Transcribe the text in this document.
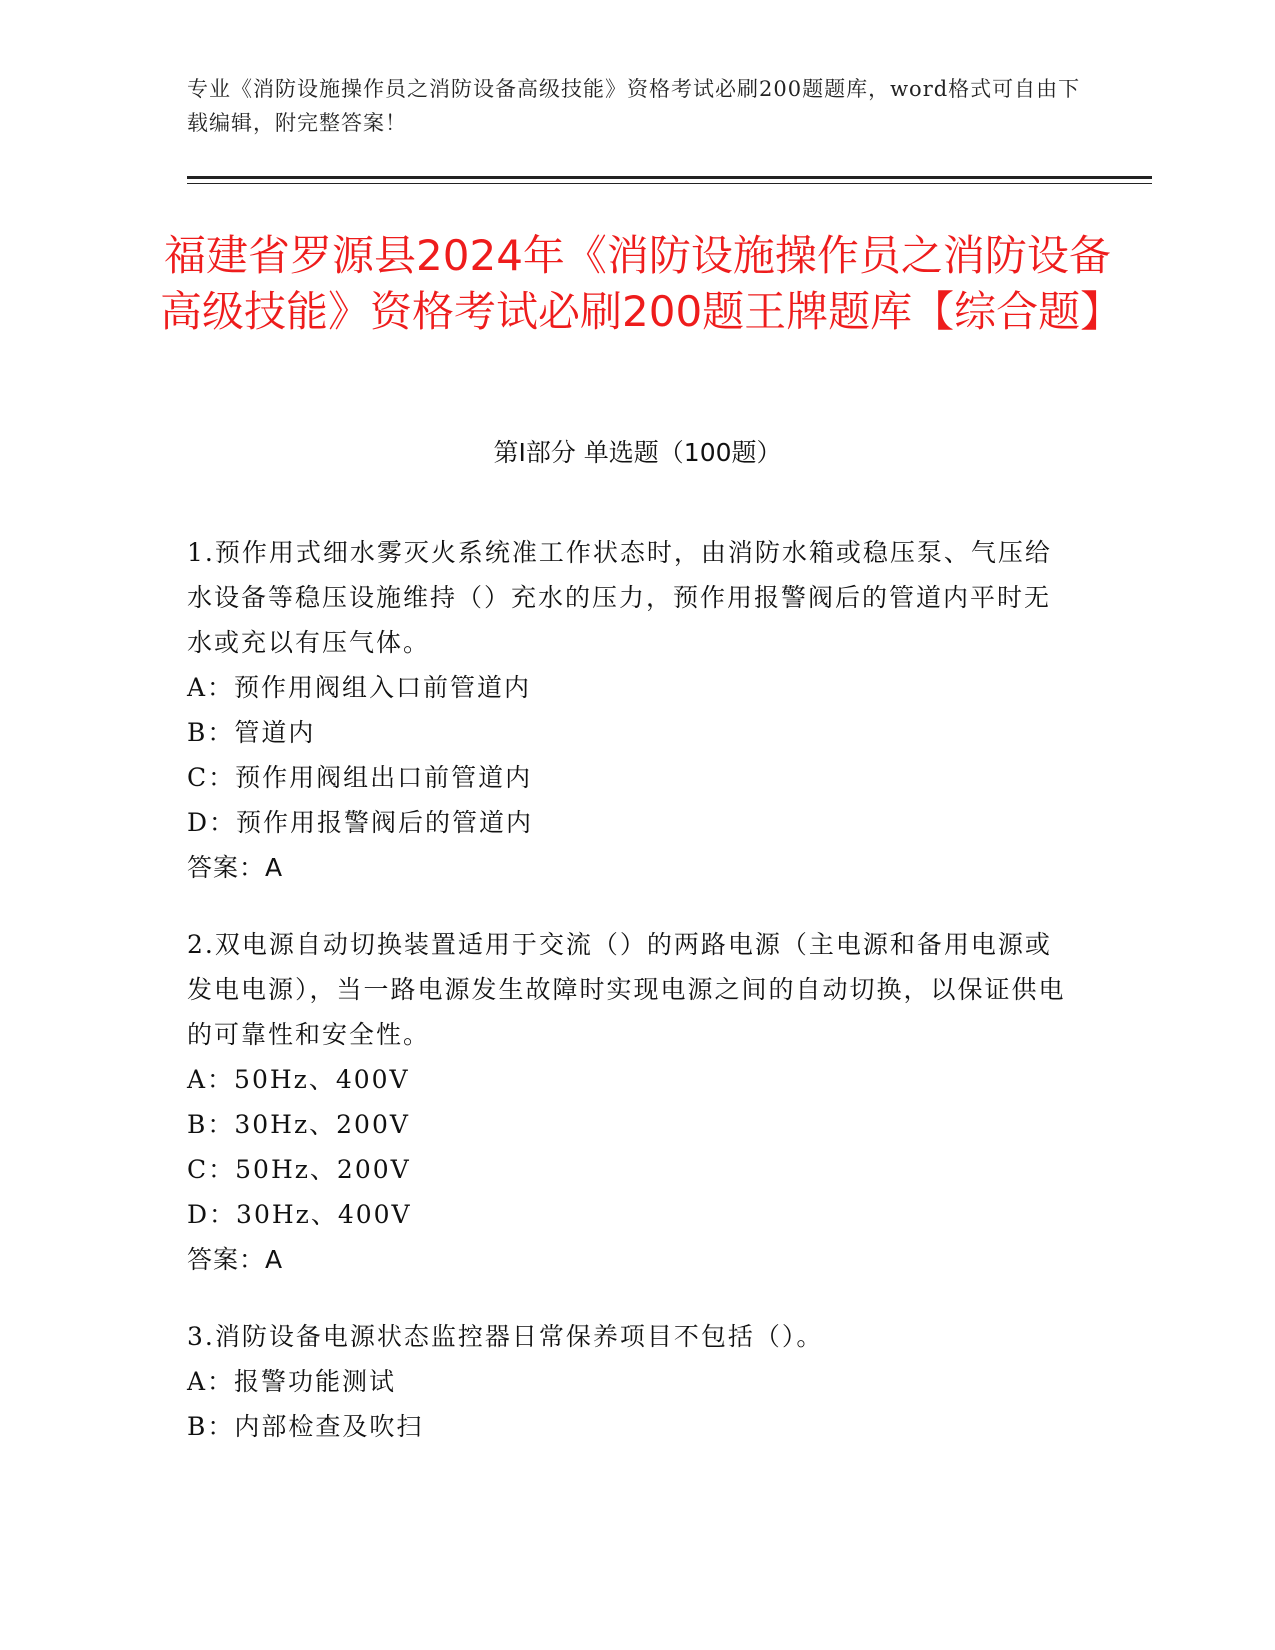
专业《消防设施操作员之消防设备高级技能》资格考试必刷200题题库，word格式可自由下载编辑，附完整答案！
福建省罗源县2024年《消防设施操作员之消防设备高级技能》资格考试必刷200题王牌题库【综合题】
第I部分 单选题（100题）
1.预作用式细水雾灭火系统准工作状态时，由消防水箱或稳压泵、气压给水设备等稳压设施维持（）充水的压力，预作用报警阀后的管道内平时无水或充以有压气体。
A：预作用阀组入口前管道内
B：管道内
C：预作用阀组出口前管道内
D：预作用报警阀后的管道内
答案：A
2.双电源自动切换装置适用于交流（）的两路电源（主电源和备用电源或发电电源），当一路电源发生故障时实现电源之间的自动切换，以保证供电的可靠性和安全性。
A：50Hz、400V
B：30Hz、200V
C：50Hz、200V
D：30Hz、400V
答案：A
3.消防设备电源状态监控器日常保养项目不包括（）。
A：报警功能测试
B：内部检查及吹扫
